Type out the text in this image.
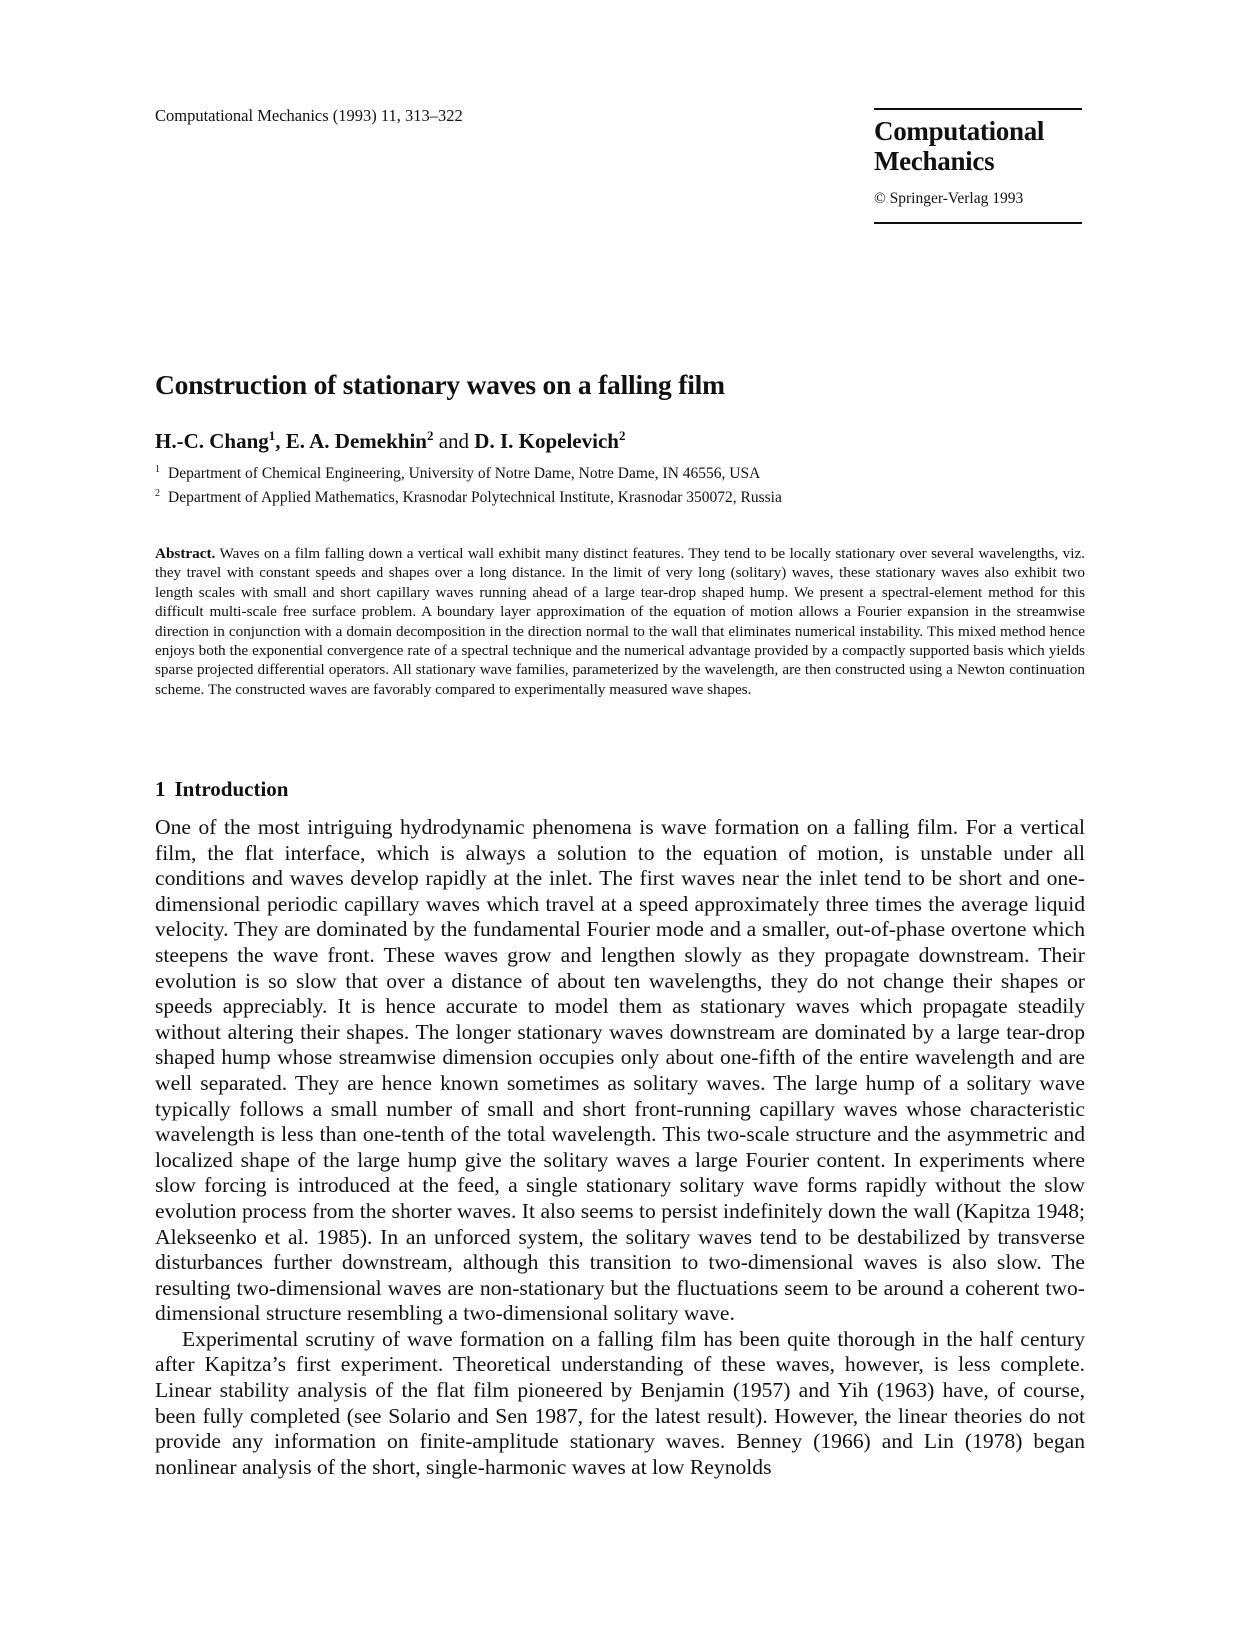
Computational Mechanics (1993) 11, 313–322
Computational
Mechanics
© Springer-Verlag 1993
Construction of stationary waves on a falling film
H.-C. Chang$^1$, E. A. Demekhin$^2$ and D. I. Kopelevich$^2$
$^1$ Department of Chemical Engineering, University of Notre Dame, Notre Dame, IN 46556, USA
$^2$ Department of Applied Mathematics, Krasnodar Polytechnical Institute, Krasnodar 350072, Russia
Abstract. Waves on a film falling down a vertical wall exhibit many distinct features. They tend to be locally stationary over several wavelengths, viz. they travel with constant speeds and shapes over a long distance. In the limit of very long (solitary) waves, these stationary waves also exhibit two length scales with small and short capillary waves running ahead of a large tear-drop shaped hump. We present a spectral-element method for this difficult multi-scale free surface problem. A boundary layer approximation of the equation of motion allows a Fourier expansion in the streamwise direction in conjunction with a domain decomposition in the direction normal to the wall that eliminates numerical instability. This mixed method hence enjoys both the exponential convergence rate of a spectral technique and the numerical advantage provided by a compactly supported basis which yields sparse projected differential operators. All stationary wave families, parameterized by the wavelength, are then constructed using a Newton continuation scheme. The constructed waves are favorably compared to experimentally measured wave shapes.
1 Introduction

One of the most intriguing hydrodynamic phenomena is wave formation on a falling film. For a vertical film, the flat interface, which is always a solution to the equation of motion, is unstable under all conditions and waves develop rapidly at the inlet. The first waves near the inlet tend to be short and one-dimensional periodic capillary waves which travel at a speed approximately three times the average liquid velocity. They are dominated by the fundamental Fourier mode and a smaller, out-of-phase overtone which steepens the wave front. These waves grow and lengthen slowly as they propagate downstream. Their evolution is so slow that over a distance of about ten wavelengths, they do not change their shapes or speeds appreciably. It is hence accurate to model them as stationary waves which propagate steadily without altering their shapes. The longer stationary waves downstream are dominated by a large tear-drop shaped hump whose streamwise dimension occupies only about one-fifth of the entire wavelength and are well separated. They are hence known sometimes as solitary waves. The large hump of a solitary wave typically follows a small number of small and short front-running capillary waves whose characteristic wavelength is less than one-tenth of the total wavelength. This two-scale structure and the asymmetric and localized shape of the large hump give the solitary waves a large Fourier content. In experiments where slow forcing is introduced at the feed, a single stationary solitary wave forms rapidly without the slow evolution process from the shorter waves. It also seems to persist indefinitely down the wall (Kapitza 1948; Alekseenko et al. 1985). In an unforced system, the solitary waves tend to be destabilized by transverse disturbances further downstream, although this transition to two-dimensional waves is also slow. The resulting two-dimensional waves are non-stationary but the fluctuations seem to be around a coherent two-dimensional structure resembling a two-dimensional solitary wave.

Experimental scrutiny of wave formation on a falling film has been quite thorough in the half century after Kapitza’s first experiment. Theoretical understanding of these waves, however, is less complete. Linear stability analysis of the flat film pioneered by Benjamin (1957) and Yih (1963) have, of course, been fully completed (see Solario and Sen 1987, for the latest result). However, the linear theories do not provide any information on finite-amplitude stationary waves. Benney (1966) and Lin (1978) began nonlinear analysis of the short, single-harmonic waves at low Reynolds
